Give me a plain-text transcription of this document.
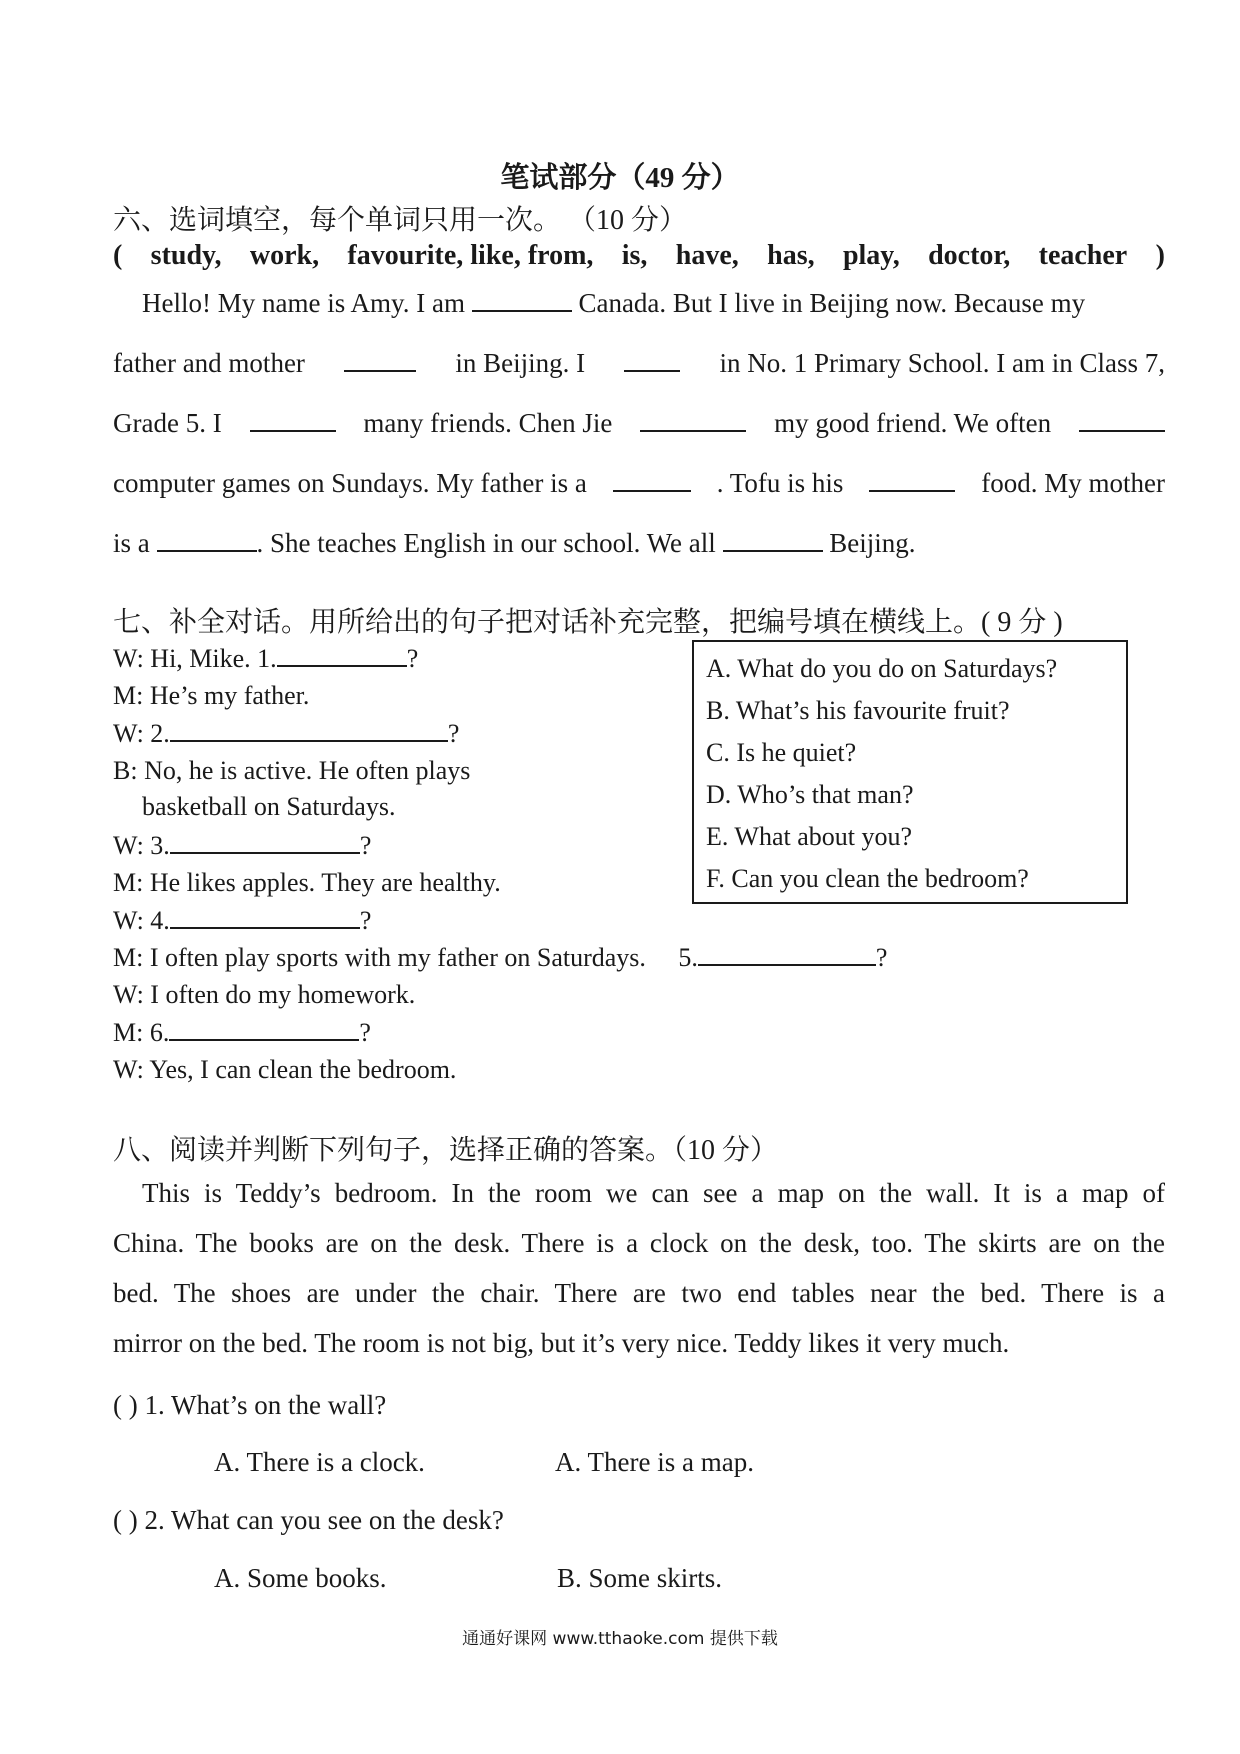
笔试部分（49 分）
六、选词填空，每个单词只用一次。 （10 分）
( study, work, favourite, like, from, is, have, has, play, doctor, teacher )
Hello! My name is Amy. I am	Canada. But I live in Beijing now. Because my
father and mother	in Beijing. I	in No. 1 Primary School. I am in Class 7,
Grade 5. I	many friends. Chen Jie	my good friend. We often
computer games on Sundays. My father is a	. Tofu is his	food. My mother
is a	. She teaches English in our school. We all	Beijing.
七、补全对话。用所给出的句子把对话补充完整，把编号填在横线上。( 9 分 )
W: Hi, Mike. 1.	?
M: He’s my father.
W: 2.	?
B: No, he is active. He often plays
basketball on Saturdays.
W: 3.	?
M: He likes apples. They are healthy.
W: 4.	?
M: I often play sports with my father on Saturdays. 5.	?
W: I often do my homework.
M: 6.	?
W: Yes, I can clean the bedroom.
A. What do you do on Saturdays?
B. What’s his favourite fruit?
C. Is he quiet?
D. Who’s that man?
E. What about you?
F. Can you clean the bedroom?
八、阅读并判断下列句子，选择正确的答案。（10 分）
This is Teddy’s bedroom. In the room we can see a map on the wall. It is a map of
China. The books are on the desk. There is a clock on the desk, too. The skirts are on the
bed. The shoes are under the chair. There are two end tables near the bed. There is a
mirror on the bed. The room is not big, but it’s very nice. Teddy likes it very much.
( ) 1. What’s on the wall?
A. There is a clock.	A. There is a map.
( ) 2. What can you see on the desk?
A. Some books.	B. Some skirts.
通通好课网 www.tthaoke.com 提供下载
